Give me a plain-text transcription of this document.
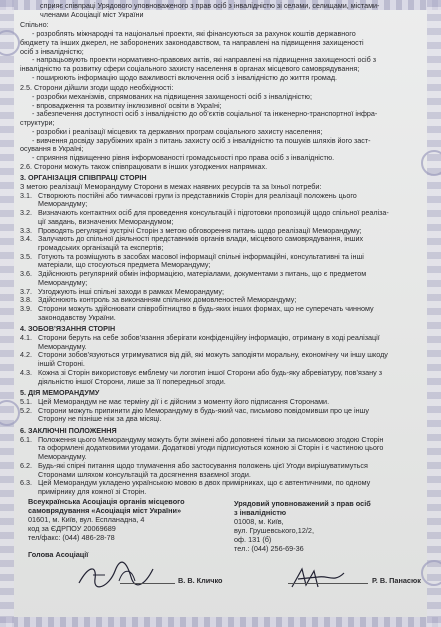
сприяє співпраці Урядового уповноваженого з прав осіб з інвалідністю зі селами, селищами, містами-
членами Асоціації міст України
Спільно:
- розроблять міжнародні та національні проекти, які фінансуються за рахунок коштів державного
бюджету та інших джерел, не заборонених законодавством, та направлені на підвищення захищеності
осіб з інвалідністю;
- напрацьовують проекти нормативно-правових актів, які направлені на підвищення захищеності осіб з
інвалідністю та розвитку сфери соціального захисту населення в органах місцевого самоврядування;
- поширюють інформацію щодо важливості включення осіб з інвалідністю до життя громад.
2.5. Сторони дійшли згоди щодо необхідності:
- розробки механізмів, спрямованих на підвищення захищеності осіб з інвалідністю;
- впровадження та розвитку інклюзивної освіти в Україні;
- забезпечення доступності осіб з інвалідністю до об’єктів соціальної та інженерно-транспортної інфра-
структури;
- розробки і реалізації місцевих та державних програм соціального захисту населення;
- вивчення досвіду зарубіжних країн з питань захисту осіб з інвалідністю та пошуків шляхів його заст-
осування в Україні;
- сприяння підвищенню рівня інформованості громадськості про права осіб з інвалідністю.
2.6. Сторони можуть також співпрацювати в інших узгоджених напрямках.
3. ОРГАНІЗАЦІЯ СПІВПРАЦІ СТОРІН
З метою реалізації Меморандуму Сторони в межах наявних ресурсів та за їхньої потреби:
3.1. Створюють постійні або тимчасові групи із представників Сторін для реалізації положень цього
Меморандуму;
3.2. Визначають контактних осіб для проведення консультацій і підготовки пропозицій щодо спільної реаліза-
ції завдань, визначених Меморандумом;
3.3. Проводять регулярні зустрічі Сторін з метою обговорення питань щодо реалізації Меморандуму;
3.4. Залучають до спільної діяльності представників органів влади, місцевого самоврядування, інших
громадських організацій та експертів;
3.5. Готують та розміщують в засобах масової інформації спільні інформаційні, консультативні та інші
матеріали, що стосуються предмета Меморандуму;
3.6. Здійснюють регулярний обмін інформацією, матеріалами, документами з питань, що є предметом
Меморандуму;
3.7. Узгоджують інші спільні заходи в рамках Меморандуму;
3.8. Здійснюють контроль за виконанням спільних домовленостей Меморандуму;
3.9. Сторони можуть здійснювати співробітництво в будь-яких інших формах, що не суперечать чинному
законодавству України.
4. ЗОБОВ’ЯЗАННЯ СТОРІН
4.1. Сторони беруть на себе зобов’язання зберігати конфіденційну інформацію, отриману в ході реалізації
Меморандуму.
4.2. Сторони зобов’язуються утримуватися від дій, які можуть заподіяти моральну, економічну чи іншу шкоду
іншій Стороні.
4.3. Кожна зі Сторін використовує емблему чи логотип іншої Сторони або будь-яку абревіатуру, пов’язану з
діяльністю іншої Сторони, лише за її попередньої згоди.
5. ДІЯ МЕМОРАНДУМУ
5.1. Цей Меморандум не має терміну дії і є дійсним з моменту його підписання Сторонами.
5.2. Сторони можуть припинити дію Меморандуму в будь-який час, письмово повідомивши про це іншу
Сторону не пізніше ніж за два місяці.
6. ЗАКЛЮЧНІ ПОЛОЖЕННЯ
6.1. Положення цього Меморандуму можуть бути змінені або доповнені тільки за письмовою згодою Сторін
та оформлені додатковими угодами. Додаткові угоди підписуються кожною зі Сторін і є частиною цього
Меморандуму.
6.2. Будь-які спірні питання щодо тлумачення або застосування положень цієї Угоди вирішуватимуться
Сторонами шляхом консультацій та досягнення взаємної згоди.
6.3. Цей Меморандум укладено українською мовою в двох примірниках, що є автентичними, по одному
примірнику для кожної зі Сторін.
Всеукраїнська Асоціація органів місцевого
самоврядування «Асоціація міст України»
01601, м. Київ, вул. Еспланадна, 4
код за ЄДРПОУ 20069689
тел/факс: (044) 486-28-78
Голова Асоціації
В. В. Кличко
Урядовий уповноважений з прав осіб
з інвалідністю
01008, м. Київ,
вул. Грушевського,12/2,
оф. 131 (б)
тел.: (044) 256-69-36
Р. В. Панасюк
